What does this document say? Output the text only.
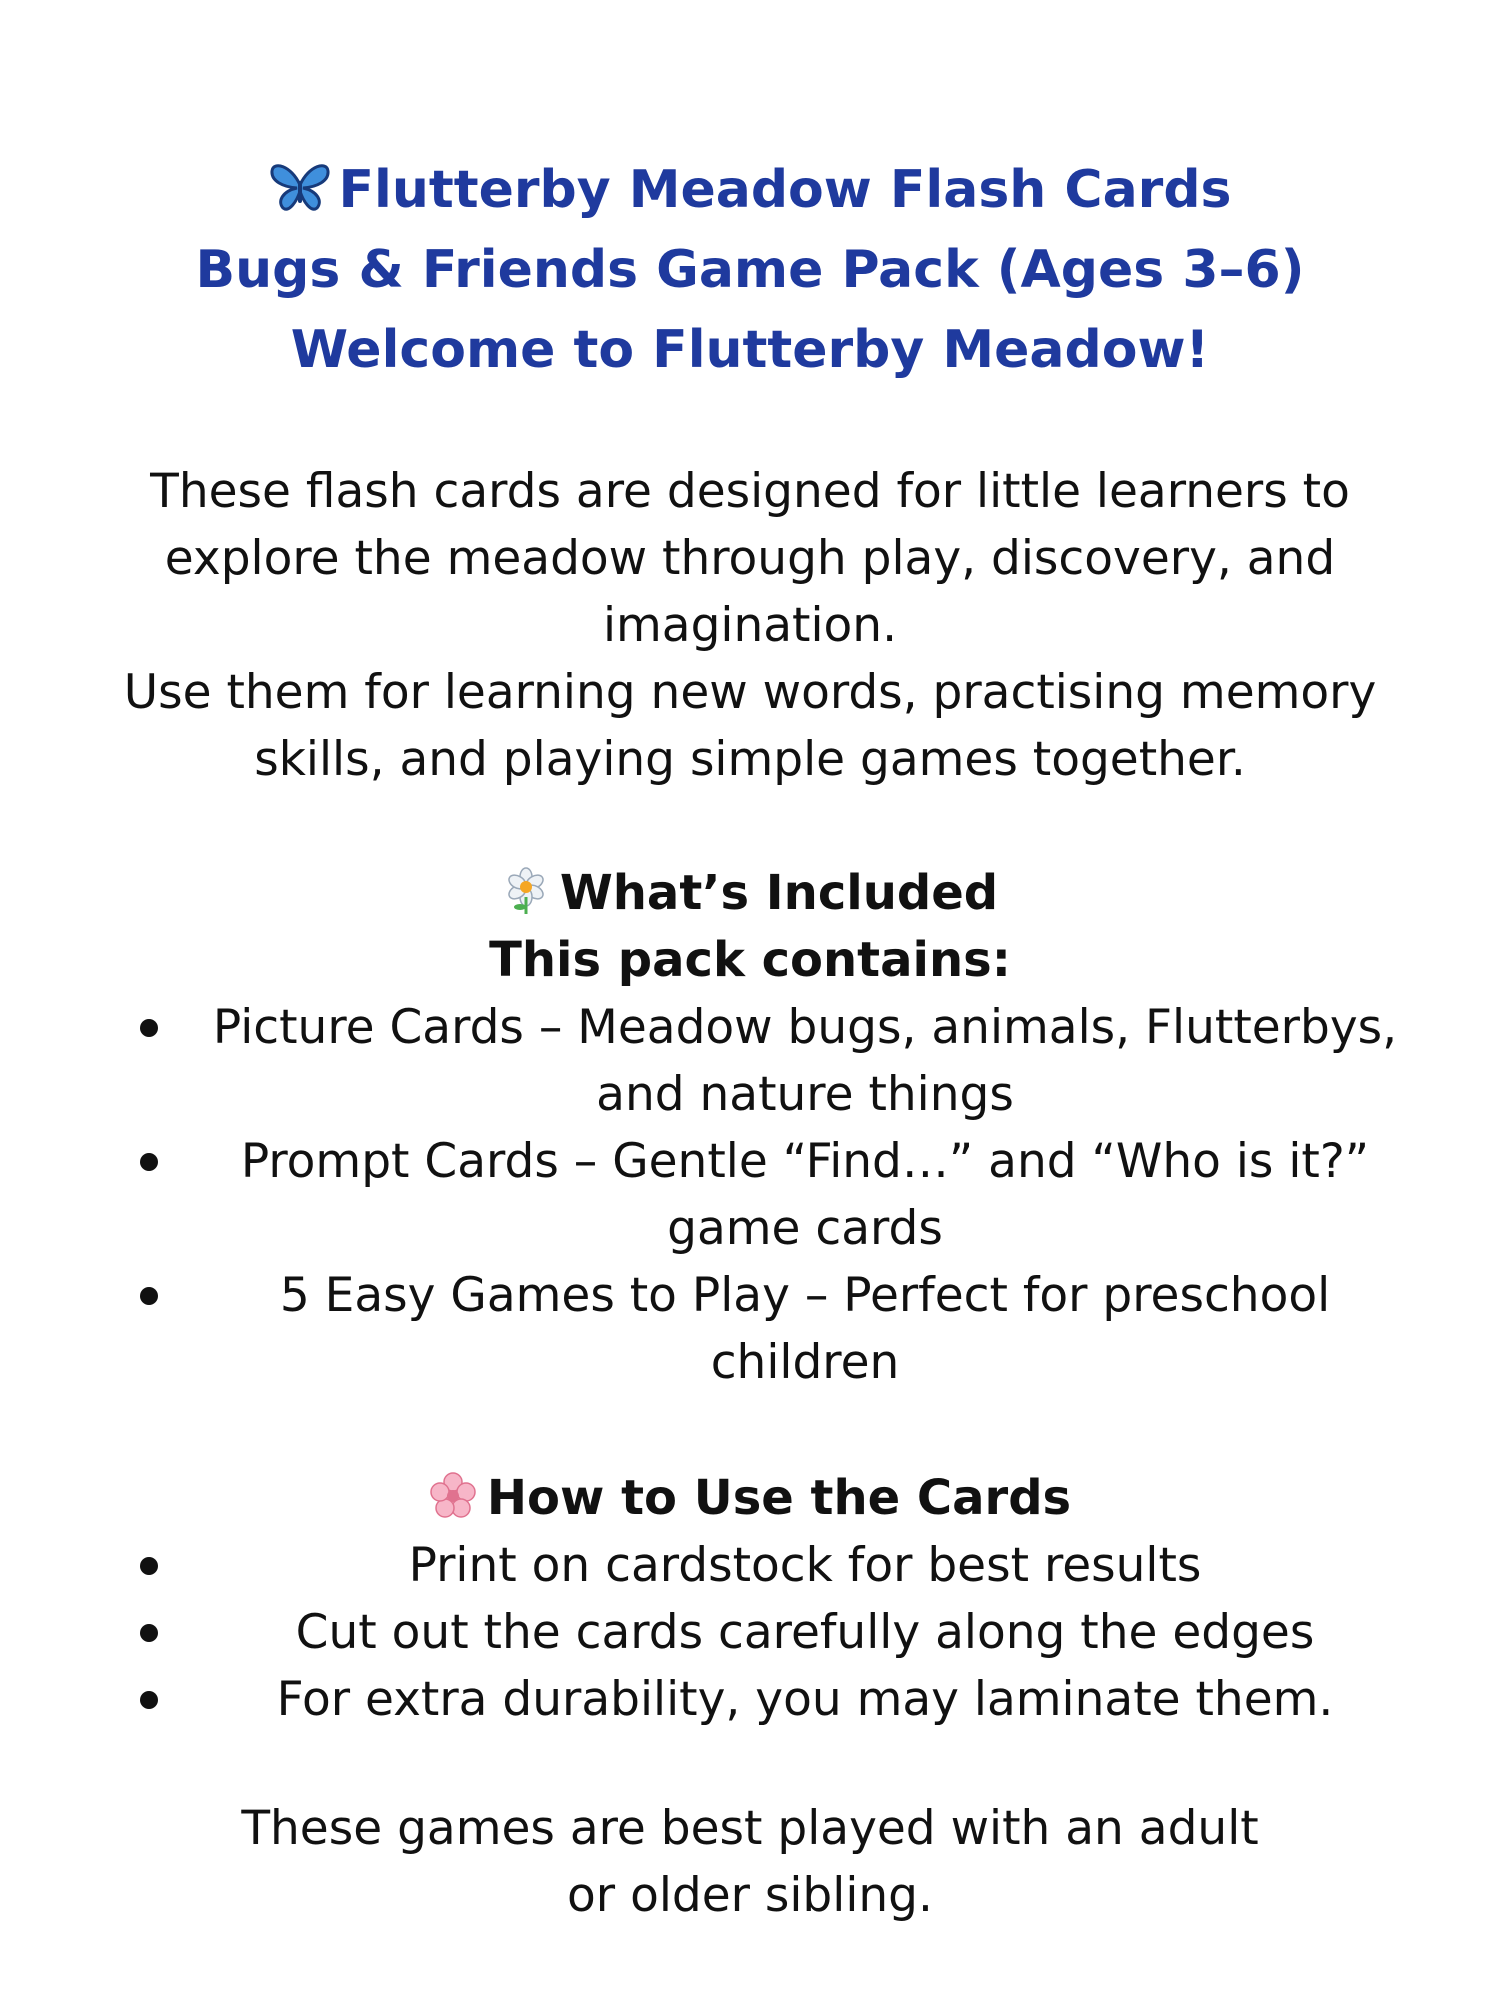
Flutterby Meadow Flash Cards
Bugs & Friends Game Pack (Ages 3–6)
Welcome to Flutterby Meadow!

These flash cards are designed for little learners to explore the meadow through play, discovery, and imagination.

Use them for learning new words, practising memory skills, and playing simple games together.

What’s Included
This pack contains:
Picture Cards – Meadow bugs, animals, Flutterbys, and nature things
Prompt Cards – Gentle “Find…” and “Who is it?” game cards
5 Easy Games to Play – Perfect for preschool children
How to Use the Cards
Print on cardstock for best results
Cut out the cards carefully along the edges
For extra durability, you may laminate them.
These games are best played with an adult
or older sibling.
